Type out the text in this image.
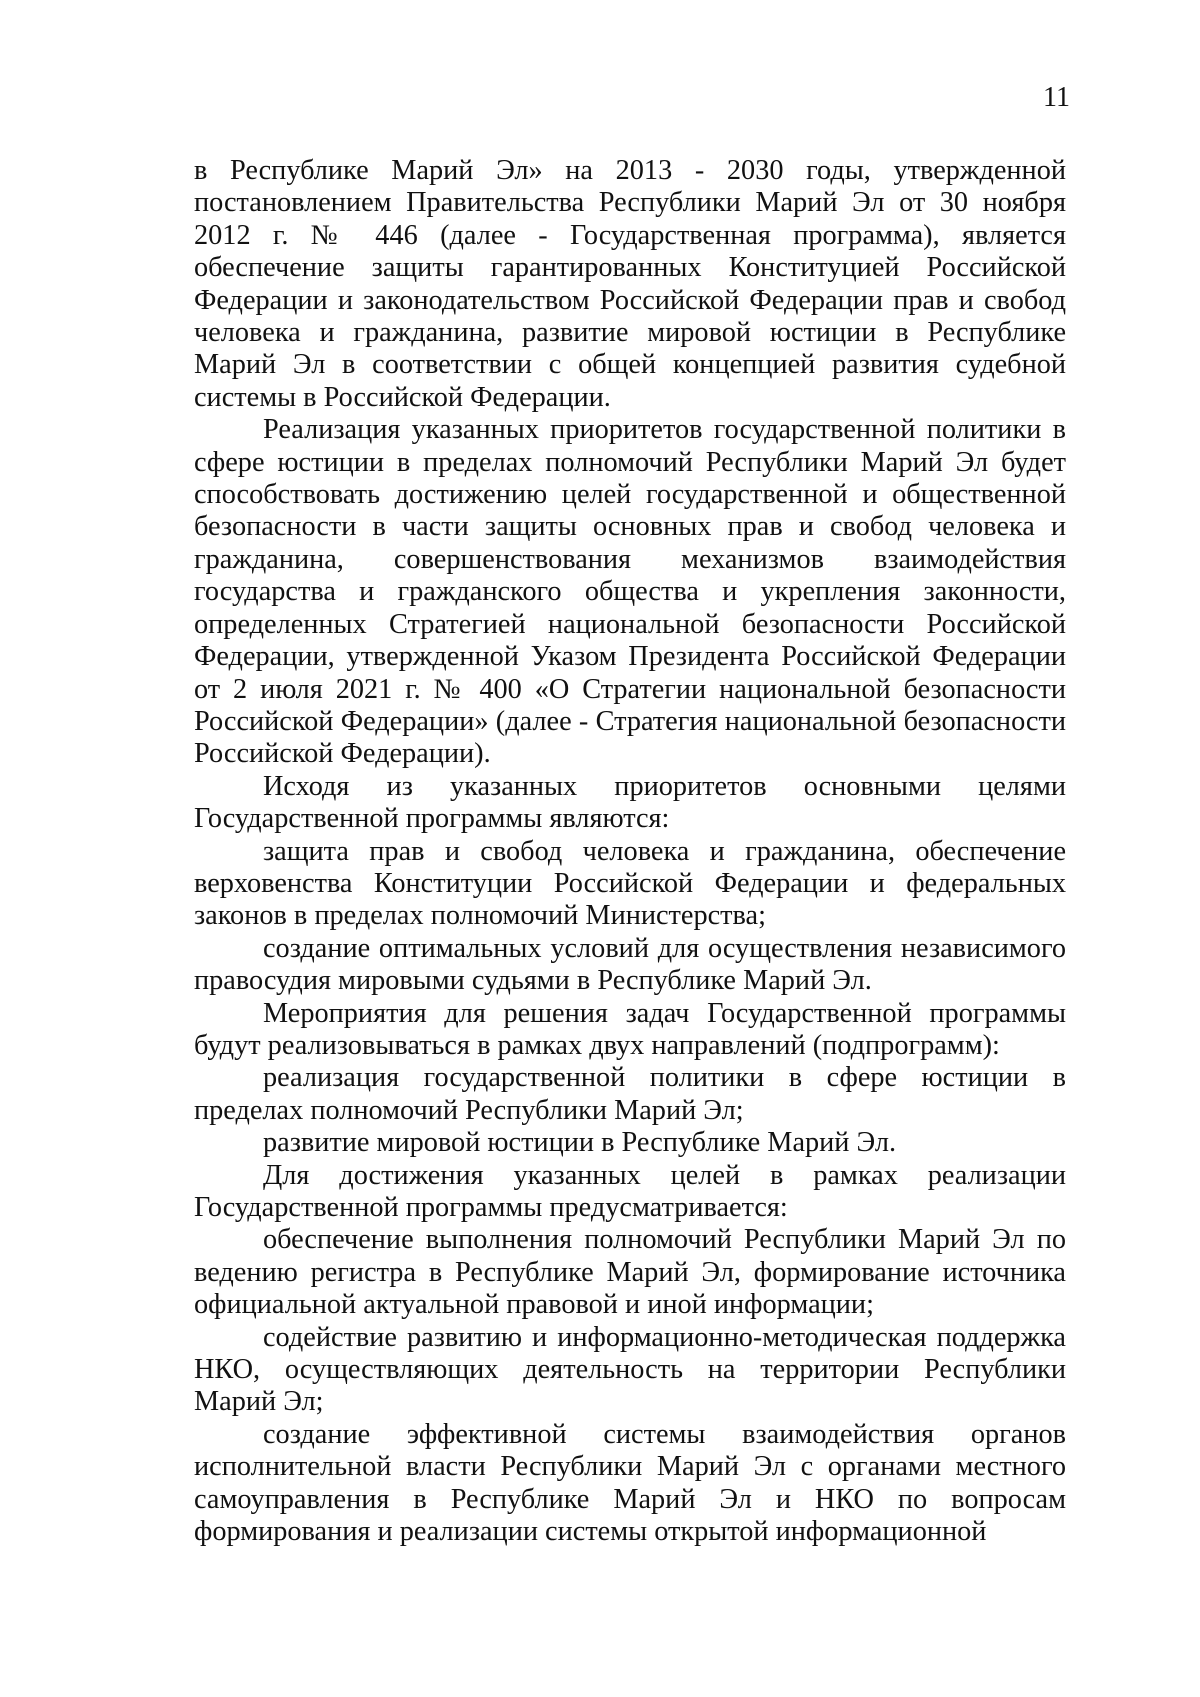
11

в Республике Марий Эл» на 2013 - 2030 годы, утвержденной постановлением Правительства Республики Марий Эл от 30 ноября 2012 г. № 446 (далее - Государственная программа), является обеспечение защиты гарантированных Конституцией Российской Федерации и законодательством Российской Федерации прав и свобод человека и гражданина, развитие мировой юстиции в Республике Марий Эл в соответствии с общей концепцией развития судебной системы в Российской Федерации.

Реализация указанных приоритетов государственной политики в сфере юстиции в пределах полномочий Республики Марий Эл будет способствовать достижению целей государственной и общественной безопасности в части защиты основных прав и свобод человека и гражданина, совершенствования механизмов взаимодействия государства и гражданского общества и укрепления законности, определенных Стратегией национальной безопасности Российской Федерации, утвержденной Указом Президента Российской Федерации от 2 июля 2021 г. № 400 «О Стратегии национальной безопасности Российской Федерации» (далее - Стратегия национальной безопасности Российской Федерации).

Исходя из указанных приоритетов основными целями Государственной программы являются:

защита прав и свобод человека и гражданина, обеспечение верховенства Конституции Российской Федерации и федеральных законов в пределах полномочий Министерства;

создание оптимальных условий для осуществления независимого правосудия мировыми судьями в Республике Марий Эл.

Мероприятия для решения задач Государственной программы будут реализовываться в рамках двух направлений (подпрограмм):

реализация государственной политики в сфере юстиции в пределах полномочий Республики Марий Эл;

развитие мировой юстиции в Республике Марий Эл.

Для достижения указанных целей в рамках реализации Государственной программы предусматривается:

обеспечение выполнения полномочий Республики Марий Эл по ведению регистра в Республике Марий Эл, формирование источника официальной актуальной правовой и иной информации;

содействие развитию и информационно-методическая поддержка НКО, осуществляющих деятельность на территории Республики Марий Эл;

создание эффективной системы взаимодействия органов исполнительной власти Республики Марий Эл с органами местного самоуправления в Республике Марий Эл и НКО по вопросам формирования и реализации системы открытой информационной
